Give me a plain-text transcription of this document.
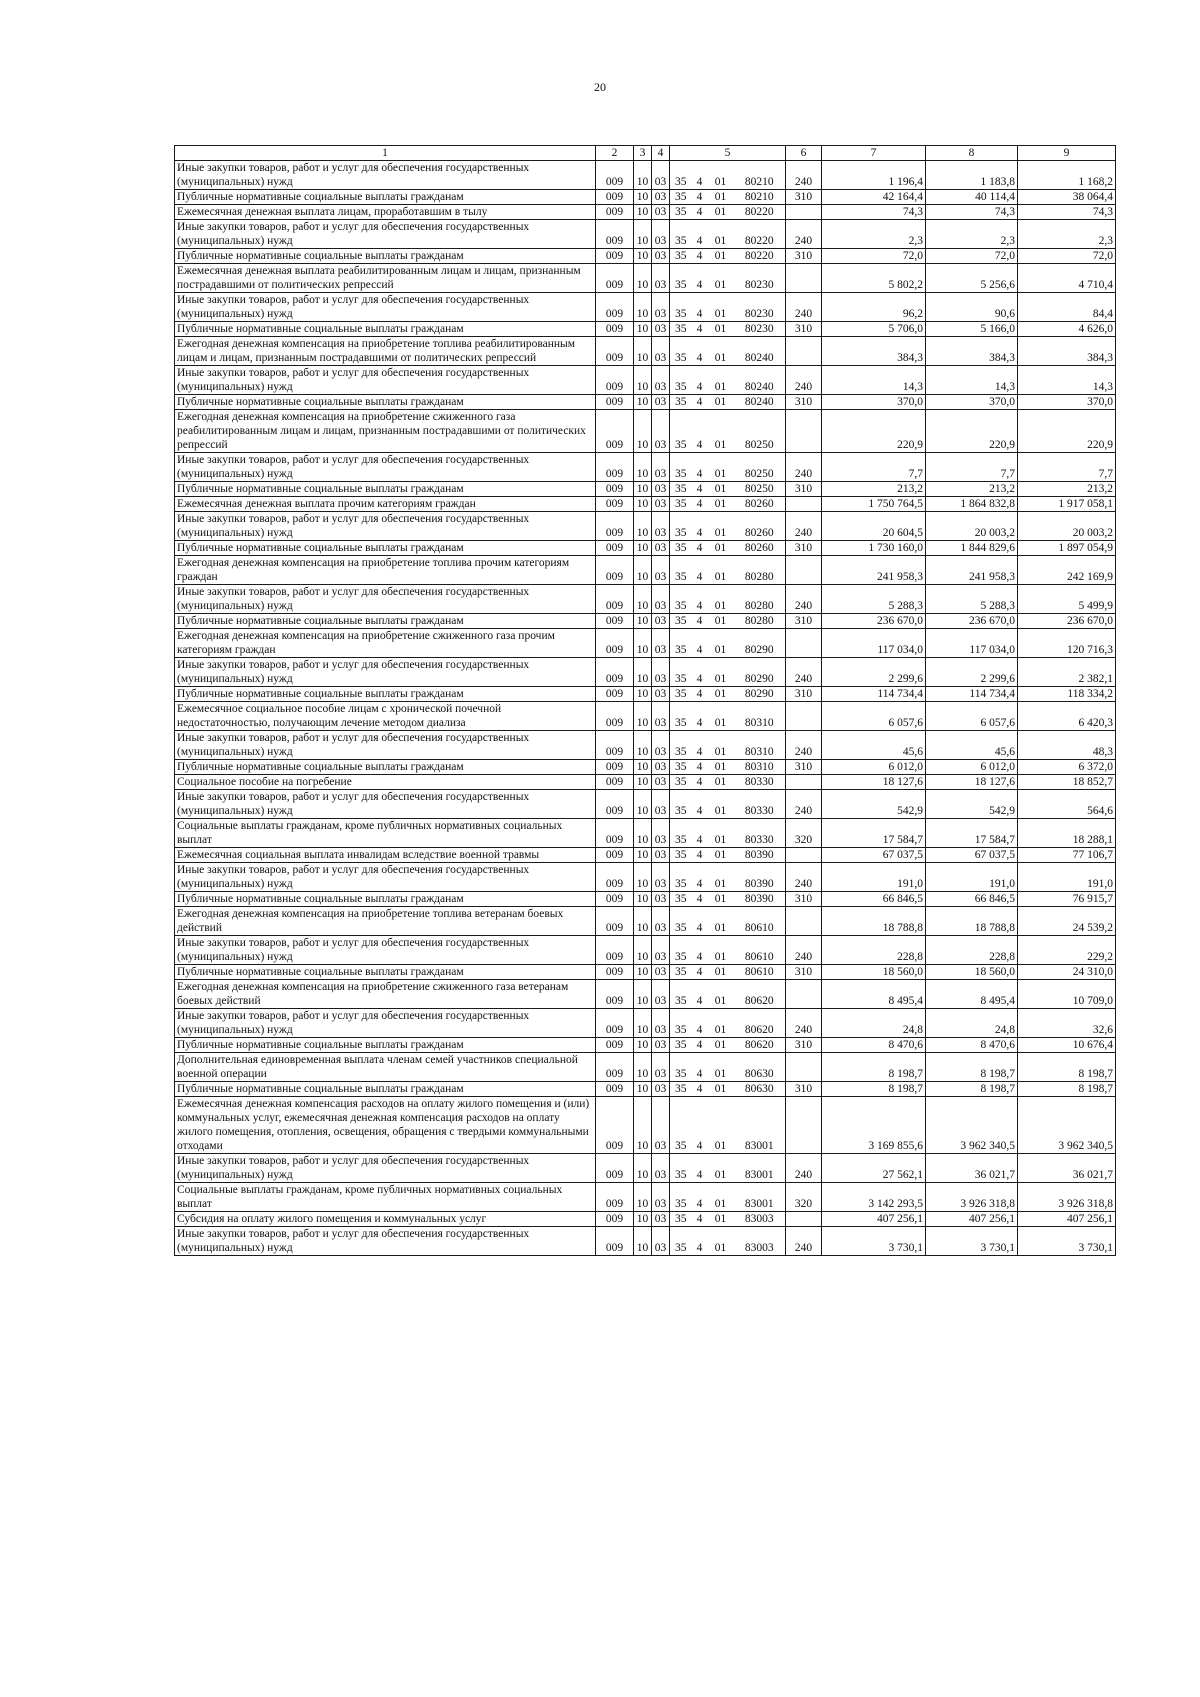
20
1	2	3	4	5				6	7	8	9
Иные закупки товаров, работ и услуг для обеспечения государственных (муниципальных) нужд	009	10	03	35	4	01	80210	240	1 196,4	1 183,8	1 168,2
Публичные нормативные социальные выплаты гражданам	009	10	03	35	4	01	80210	310	42 164,4	40 114,4	38 064,4
Ежемесячная денежная выплата лицам, проработавшим в тылу	009	10	03	35	4	01	80220		74,3	74,3	74,3
Иные закупки товаров, работ и услуг для обеспечения государственных (муниципальных) нужд	009	10	03	35	4	01	80220	240	2,3	2,3	2,3
Публичные нормативные социальные выплаты гражданам	009	10	03	35	4	01	80220	310	72,0	72,0	72,0
Ежемесячная денежная выплата реабилитированным лицам и лицам, признанным пострадавшими от политических репрессий	009	10	03	35	4	01	80230		5 802,2	5 256,6	4 710,4
Иные закупки товаров, работ и услуг для обеспечения государственных (муниципальных) нужд	009	10	03	35	4	01	80230	240	96,2	90,6	84,4
Публичные нормативные социальные выплаты гражданам	009	10	03	35	4	01	80230	310	5 706,0	5 166,0	4 626,0
Ежегодная денежная компенсация на приобретение топлива реабилитированным лицам и лицам, признанным пострадавшими от политических репрессий	009	10	03	35	4	01	80240		384,3	384,3	384,3
Иные закупки товаров, работ и услуг для обеспечения государственных (муниципальных) нужд	009	10	03	35	4	01	80240	240	14,3	14,3	14,3
Публичные нормативные социальные выплаты гражданам	009	10	03	35	4	01	80240	310	370,0	370,0	370,0
Ежегодная денежная компенсация на приобретение сжиженного газа реабилитированным лицам и лицам, признанным пострадавшими от политических репрессий	009	10	03	35	4	01	80250		220,9	220,9	220,9
Иные закупки товаров, работ и услуг для обеспечения государственных (муниципальных) нужд	009	10	03	35	4	01	80250	240	7,7	7,7	7,7
Публичные нормативные социальные выплаты гражданам	009	10	03	35	4	01	80250	310	213,2	213,2	213,2
Ежемесячная денежная выплата прочим категориям граждан	009	10	03	35	4	01	80260		1 750 764,5	1 864 832,8	1 917 058,1
Иные закупки товаров, работ и услуг для обеспечения государственных (муниципальных) нужд	009	10	03	35	4	01	80260	240	20 604,5	20 003,2	20 003,2
Публичные нормативные социальные выплаты гражданам	009	10	03	35	4	01	80260	310	1 730 160,0	1 844 829,6	1 897 054,9
Ежегодная денежная компенсация на приобретение топлива прочим категориям граждан	009	10	03	35	4	01	80280		241 958,3	241 958,3	242 169,9
Иные закупки товаров, работ и услуг для обеспечения государственных (муниципальных) нужд	009	10	03	35	4	01	80280	240	5 288,3	5 288,3	5 499,9
Публичные нормативные социальные выплаты гражданам	009	10	03	35	4	01	80280	310	236 670,0	236 670,0	236 670,0
Ежегодная денежная компенсация на приобретение сжиженного газа прочим категориям граждан	009	10	03	35	4	01	80290		117 034,0	117 034,0	120 716,3
Иные закупки товаров, работ и услуг для обеспечения государственных (муниципальных) нужд	009	10	03	35	4	01	80290	240	2 299,6	2 299,6	2 382,1
Публичные нормативные социальные выплаты гражданам	009	10	03	35	4	01	80290	310	114 734,4	114 734,4	118 334,2
Ежемесячное социальное пособие лицам с хронической почечной недостаточностью, получающим лечение методом диализа	009	10	03	35	4	01	80310		6 057,6	6 057,6	6 420,3
Иные закупки товаров, работ и услуг для обеспечения государственных (муниципальных) нужд	009	10	03	35	4	01	80310	240	45,6	45,6	48,3
Публичные нормативные социальные выплаты гражданам	009	10	03	35	4	01	80310	310	6 012,0	6 012,0	6 372,0
Социальное пособие на погребение	009	10	03	35	4	01	80330		18 127,6	18 127,6	18 852,7
Иные закупки товаров, работ и услуг для обеспечения государственных (муниципальных) нужд	009	10	03	35	4	01	80330	240	542,9	542,9	564,6
Социальные выплаты гражданам, кроме публичных нормативных социальных выплат	009	10	03	35	4	01	80330	320	17 584,7	17 584,7	18 288,1
Ежемесячная социальная выплата инвалидам вследствие военной травмы	009	10	03	35	4	01	80390		67 037,5	67 037,5	77 106,7
Иные закупки товаров, работ и услуг для обеспечения государственных (муниципальных) нужд	009	10	03	35	4	01	80390	240	191,0	191,0	191,0
Публичные нормативные социальные выплаты гражданам	009	10	03	35	4	01	80390	310	66 846,5	66 846,5	76 915,7
Ежегодная денежная компенсация на приобретение топлива ветеранам боевых действий	009	10	03	35	4	01	80610		18 788,8	18 788,8	24 539,2
Иные закупки товаров, работ и услуг для обеспечения государственных (муниципальных) нужд	009	10	03	35	4	01	80610	240	228,8	228,8	229,2
Публичные нормативные социальные выплаты гражданам	009	10	03	35	4	01	80610	310	18 560,0	18 560,0	24 310,0
Ежегодная денежная компенсация на приобретение сжиженного газа ветеранам боевых действий	009	10	03	35	4	01	80620		8 495,4	8 495,4	10 709,0
Иные закупки товаров, работ и услуг для обеспечения государственных (муниципальных) нужд	009	10	03	35	4	01	80620	240	24,8	24,8	32,6
Публичные нормативные социальные выплаты гражданам	009	10	03	35	4	01	80620	310	8 470,6	8 470,6	10 676,4
Дополнительная единовременная выплата членам семей участников специальной военной операции	009	10	03	35	4	01	80630		8 198,7	8 198,7	8 198,7
Публичные нормативные социальные выплаты гражданам	009	10	03	35	4	01	80630	310	8 198,7	8 198,7	8 198,7
Ежемесячная денежная компенсация расходов на оплату жилого помещения и (или) коммунальных услуг, ежемесячная денежная компенсация расходов на оплату жилого помещения, отопления, освещения, обращения с твердыми коммунальными отходами	009	10	03	35	4	01	83001		3 169 855,6	3 962 340,5	3 962 340,5
Иные закупки товаров, работ и услуг для обеспечения государственных (муниципальных) нужд	009	10	03	35	4	01	83001	240	27 562,1	36 021,7	36 021,7
Социальные выплаты гражданам, кроме публичных нормативных социальных выплат	009	10	03	35	4	01	83001	320	3 142 293,5	3 926 318,8	3 926 318,8
Субсидия на оплату жилого помещения и коммунальных услуг	009	10	03	35	4	01	83003		407 256,1	407 256,1	407 256,1
Иные закупки товаров, работ и услуг для обеспечения государственных (муниципальных) нужд	009	10	03	35	4	01	83003	240	3 730,1	3 730,1	3 730,1
